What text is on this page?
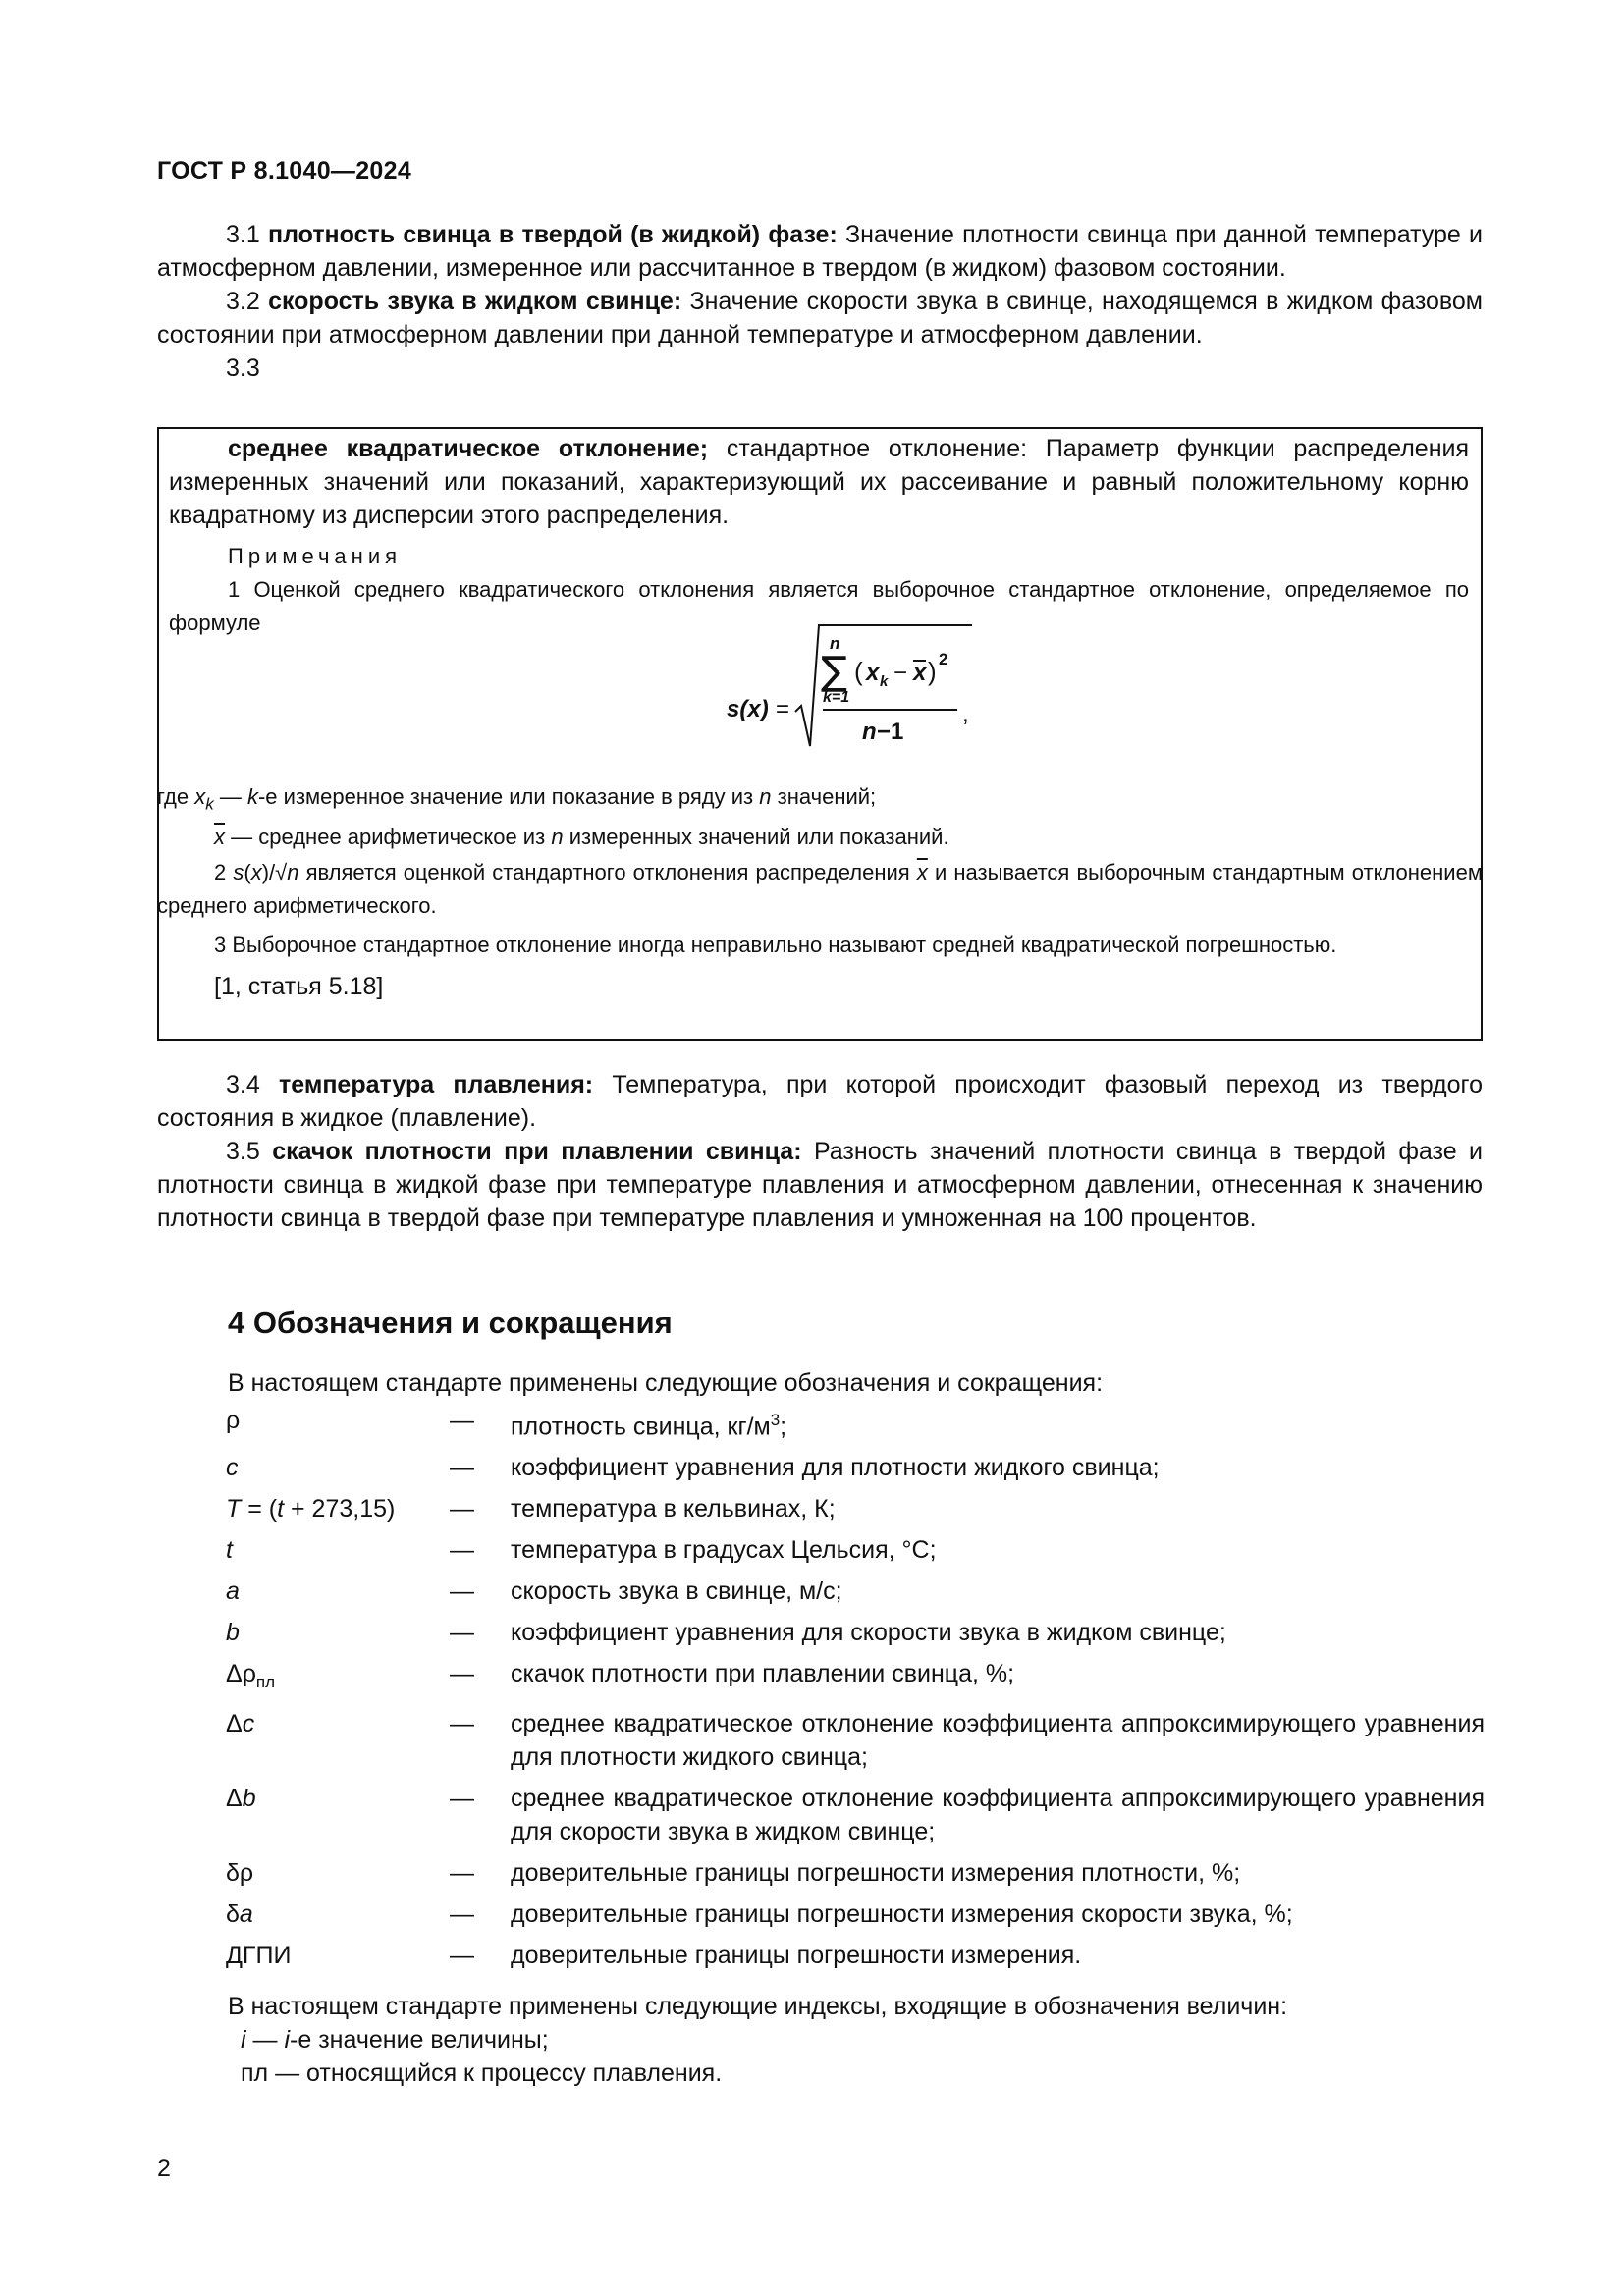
ГОСТ Р 8.1040—2024

3.1 плотность свинца в твердой (в жидкой) фазе: Значение плотности свинца при данной температуре и атмосферном давлении, измеренное или рассчитанное в твердом (в жидком) фазовом состоянии.

3.2 скорость звука в жидком свинце: Значение скорости звука в свинце, находящемся в жидком фазовом состоянии при атмосферном давлении при данной температуре и атмосферном давлении.

3.3

среднее квадратическое отклонение; стандартное отклонение: Параметр функции распределения измеренных значений или показаний, характеризующий их рассеивание и равный положительному корню квадратному из дисперсии этого распределения.

Примечания

1 Оценкой среднего квадратического отклонения является выборочное стандартное отклонение, определяемое по формуле

s(x) =
n
∑
k=1
( x k − x ) 2
n −1
,

где $x_k$ — k-е измеренное значение или показание в ряду из n значений;

$\overline{x}$ — среднее арифметическое из n измеренных значений или показаний.

2 s(x)/√n является оценкой стандартного отклонения распределения $\overline{x}$ и называется выборочным стандартным отклонением среднего арифметического.

3 Выборочное стандартное отклонение иногда неправильно называют средней квадратической погрешностью.

[1, статья 5.18]

3.4 температура плавления: Температура, при которой происходит фазовый переход из твердого состояния в жидкое (плавление).

3.5 скачок плотности при плавлении свинца: Разность значений плотности свинца в твердой фазе и плотности свинца в жидкой фазе при температуре плавления и атмосферном давлении, отнесенная к значению плотности свинца в твердой фазе при температуре плавления и умноженная на 100 процентов.

4 Обозначения и сокращения
В настоящем стандарте применены следующие обозначения и сокращения:
ρ	—	плотность свинца, $кг/м^3$;
c	—	коэффициент уравнения для плотности жидкого свинца;
T = (t + 273,15)	—	температура в кельвинах, К;
t	—	температура в градусах Цельсия, °С;
a	—	скорость звука в свинце, м/с;
b	—	коэффициент уравнения для скорости звука в жидком свинце;
$\Delta\rho_{пл}$	—	скачок плотности при плавлении свинца, %;
Δc	—	среднее квадратическое отклонение коэффициента аппроксимирующего уравнения для плотности жидкого свинца;
Δb	—	среднее квадратическое отклонение коэффициента аппроксимирующего уравнения для скорости звука в жидком свинце;
δρ	—	доверительные границы погрешности измерения плотности, %;
δa	—	доверительные границы погрешности измерения скорости звука, %;
ДГПИ	—	доверительные границы погрешности измерения.
В настоящем стандарте применены следующие индексы, входящие в обозначения величин:
i — i-е значение величины;
пл — относящийся к процессу плавления.
2
